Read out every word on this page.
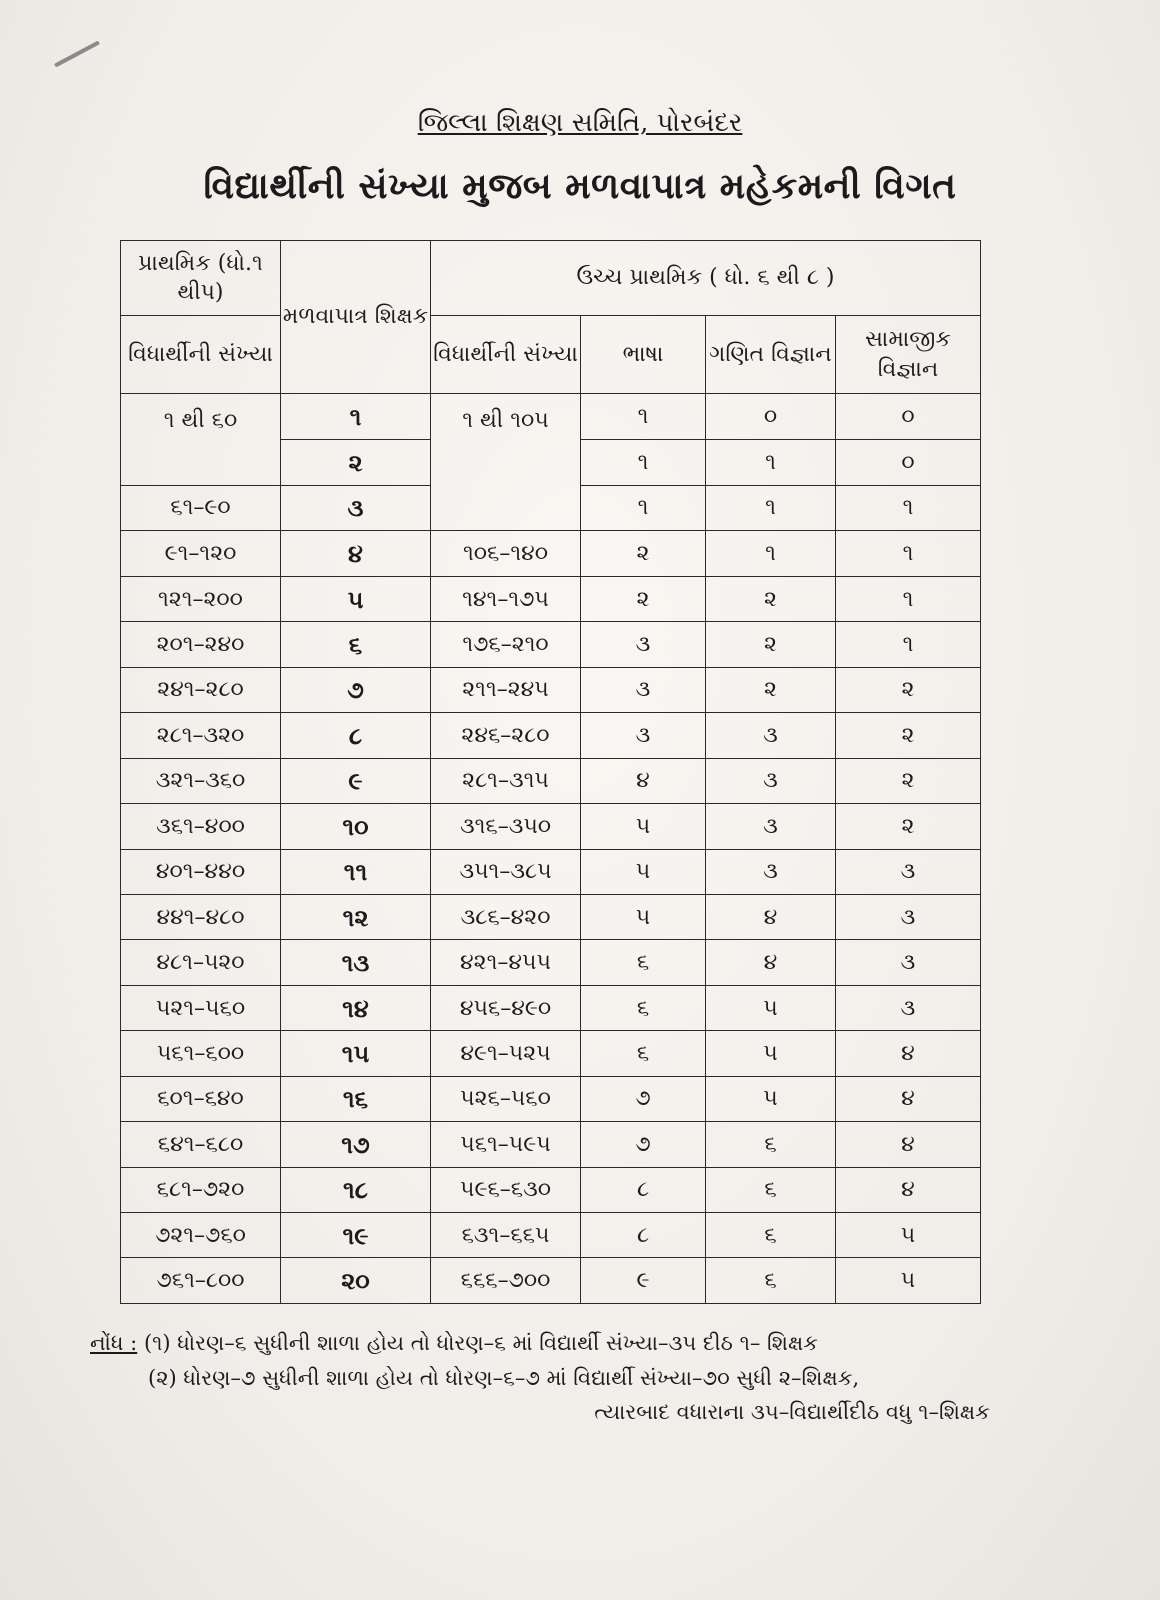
જિલ્લા શિક્ષણ સમિતિ, પોરબંદર
વિદ્યાર્થીની સંખ્યા મુજબ મળવાપાત્ર મહેકમની વિગત
પ્રાથમિક (ધો.૧ થીપ)	મળવાપાત્ર શિક્ષક	ઉચ્ચ પ્રાથમિક ( ધો. ૬ થી ૮ )			
વિધાર્થીની સંખ્યા		વિધાર્થીની સંખ્યા	ભાષા	ગણિત વિજ્ઞાન	સામાજીક વિજ્ઞાન
૧ થી ૬૦	૧	૧ થી ૧૦૫	૧	૦	૦
	૨		૧	૧	૦
૬૧–૯૦	૩		૧	૧	૧
૯૧–૧૨૦	૪	૧૦૬–૧૪૦	૨	૧	૧
૧૨૧–૨૦૦	૫	૧૪૧–૧૭૫	૨	૨	૧
૨૦૧–૨૪૦	૬	૧૭૬–૨૧૦	૩	૨	૧
૨૪૧–૨૮૦	૭	૨૧૧–૨૪૫	૩	૨	૨
૨૮૧–૩૨૦	૮	૨૪૬–૨૮૦	૩	૩	૨
૩૨૧–૩૬૦	૯	૨૮૧–૩૧૫	૪	૩	૨
૩૬૧–૪૦૦	૧૦	૩૧૬–૩૫૦	૫	૩	૨
૪૦૧–૪૪૦	૧૧	૩૫૧–૩૮૫	૫	૩	૩
૪૪૧–૪૮૦	૧૨	૩૮૬–૪૨૦	૫	૪	૩
૪૮૧–૫૨૦	૧૩	૪૨૧–૪૫૫	૬	૪	૩
૫૨૧–૫૬૦	૧૪	૪૫૬–૪૯૦	૬	૫	૩
૫૬૧–૬૦૦	૧૫	૪૯૧–૫૨૫	૬	૫	૪
૬૦૧–૬૪૦	૧૬	૫૨૬–૫૬૦	૭	૫	૪
૬૪૧–૬૮૦	૧૭	૫૬૧–૫૯૫	૭	૬	૪
૬૮૧–૭૨૦	૧૮	૫૯૬–૬૩૦	૮	૬	૪
૭૨૧–૭૬૦	૧૯	૬૩૧–૬૬૫	૮	૬	૫
૭૬૧–૮૦૦	૨૦	૬૬૬–૭૦૦	૯	૬	૫
નોંધ : (૧) ધોરણ–૬ સુધીની શાળા હોય તો ધોરણ–૬ માં વિદ્યાર્થી સંખ્યા–૩૫ દીઠ ૧– શિક્ષક
(૨) ધોરણ–૭ સુધીની શાળા હોય તો ધોરણ–૬–૭ માં વિદ્યાર્થી સંખ્યા–૭૦ સુધી ૨–શિક્ષક,
ત્યારબાદ વધારાના ૩૫–વિદ્યાર્થીદીઠ વધુ ૧–શિક્ષક
